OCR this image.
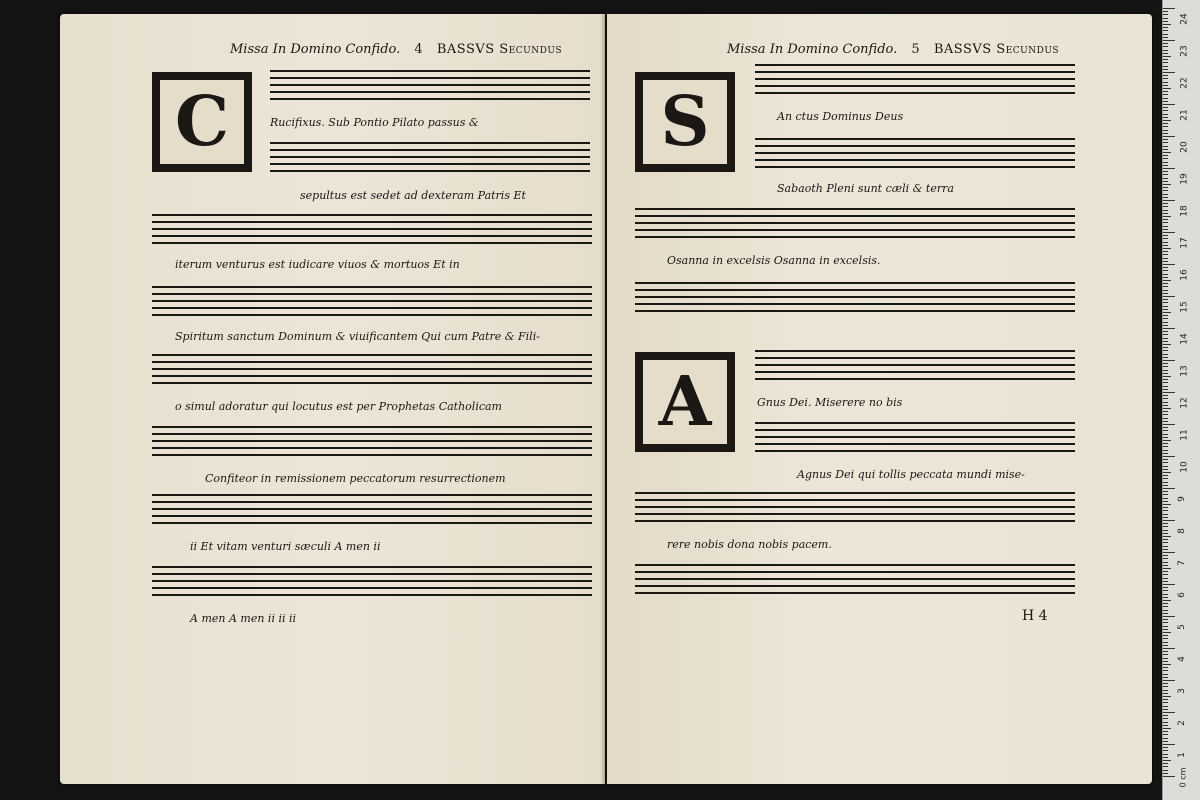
Missa In Domino Confido. 4 BASSVS Secundus
C	Rucifixus. Sub Pontio Pilato passus &
sepultus est sedet ad dexteram Patris Et
iterum venturus est iudicare viuos & mortuos Et in
Spiritum sanctum Dominum & viuificantem Qui cum Patre & Fili-
o simul adoratur qui locutus est per Prophetas Catholicam
Confiteor in remissionem peccatorum resurrectionem
ii Et vitam venturi sæculi A men ii
A men A men ii ii ii
Missa In Domino Confido. 5 BASSVS Secundus
S	An ctus Dominus Deus
Sabaoth Pleni sunt cæli & terra
Osanna in excelsis Osanna in excelsis.
A	Gnus Dei. Miserere no bis
Agnus Dei qui tollis peccata mundi mise-
rere nobis dona nobis pacem.
H 4
0 cm
24
23
22
21
20
19
18
17
16
15
14
13
12
11
10
9
8
7
6
5
4
3
2
1
